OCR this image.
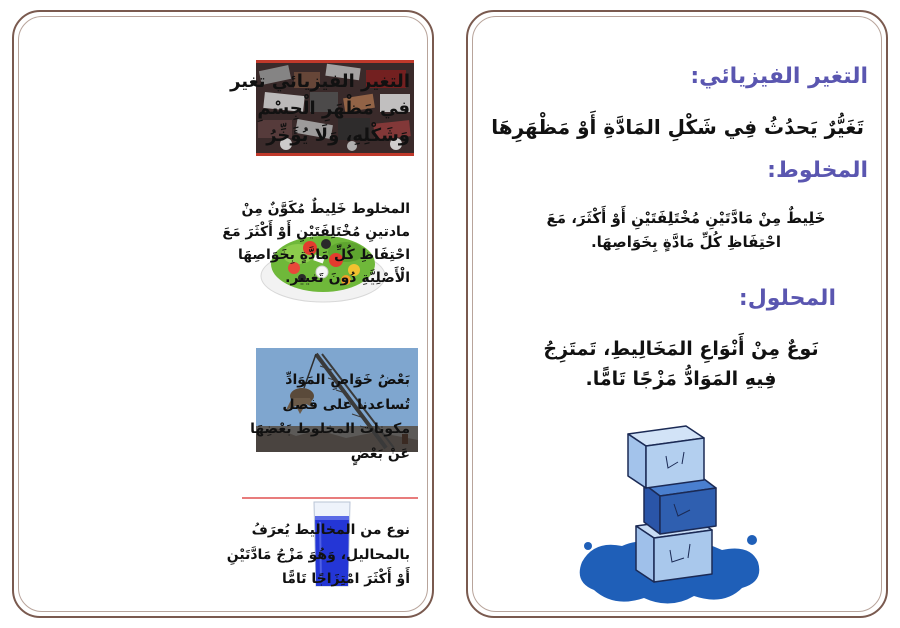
التغير الفيزيائي تغير في مَظْهَرِ الْجِسْمِ وَشَكْلِهِ، وَلَا يُؤَخِّرُ
المخلوط خَلِيطٌ مُكَوَّنٌ مِنْ مادتينِ مُخْتَلِفَتَيْنِ أَوْ أَكْثَرَ مَعَ احْتِفَاظِ كُلِّ مَادَّةٍ بِخَوَاصِهَا الْأَصْلِيَّةِ دُونَ تَغيير.
بَعْضُ خَوَاصِ المَوَادِّ تُساعدنا على فصل مكونات المخلوط بَعْضِهَا عَنْ بَعْضٍ
نوع من المخاليط يُعرَفُ بالمحاليل، وَهُوَ مَزْجُ مَادَّتَيْنِ أَوْ أَكْثَرَ امْتِزَاجًا تَامًّا
التغير الفيزيائي:
تَغَيُّرٌ يَحدُثُ فِي شَكْلِ المَادَّةِ أَوْ مَظْهَرِهَا
المخلوط:
خَلِيطٌ مِنْ مَادَّتَيْنِ مُخْتَلِفَتَيْنِ أَوْ أَكْثَرَ، مَعَ احْتِفَاظِ كُلِّ مَادَّةٍ بِخَوَاصِهَا.
المحلول:
نَوعٌ مِنْ أَنْوَاعِ المَخَالِيطِ، تَمتَزِجُ فِيهِ المَوَادُّ مَزْجًا تَامًّا.
